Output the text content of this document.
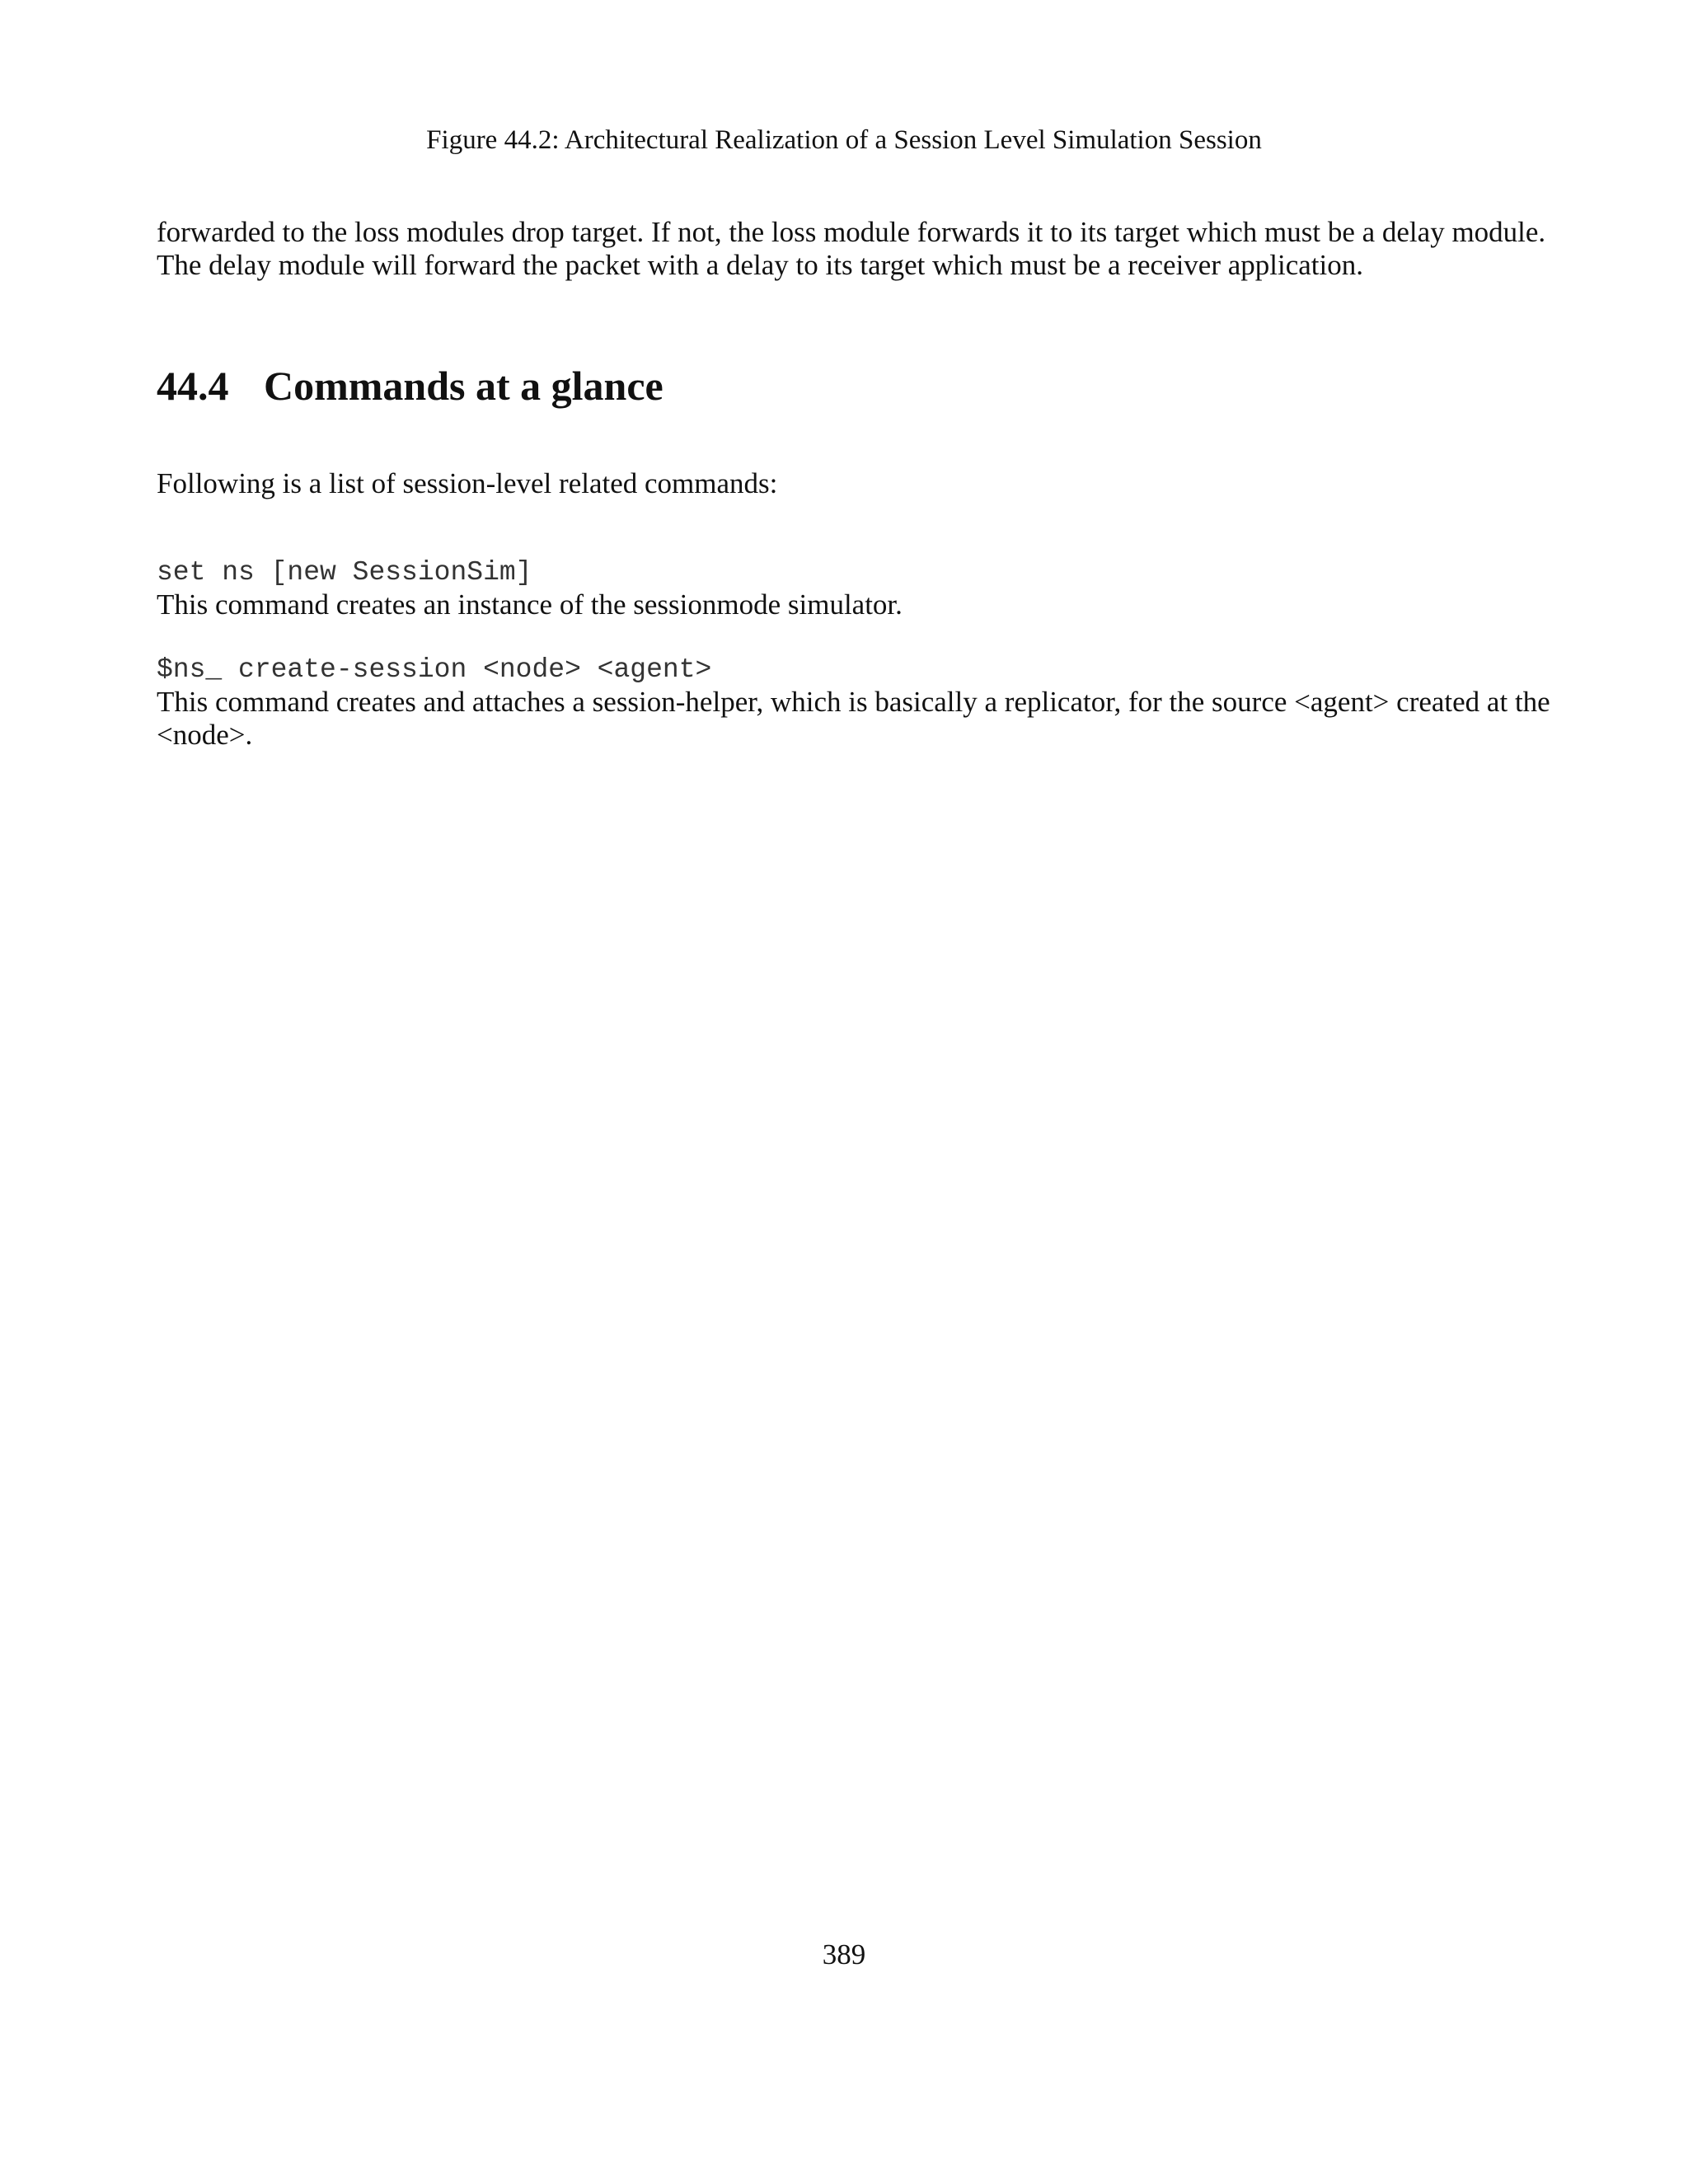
Figure 44.2: Architectural Realization of a Session Level Simulation Session

forwarded to the loss modules drop target. If not, the loss module forwards it to its target which must be a delay module. The delay module will forward the packet with a delay to its target which must be a receiver application.

44.4 Commands at a glance

Following is a list of session-level related commands:

set ns [new SessionSim]

This command creates an instance of the sessionmode simulator.

$ns_ create-session <node> <agent>

This command creates and attaches a session-helper, which is basically a replicator, for the source <agent> created at the <node>.

389
